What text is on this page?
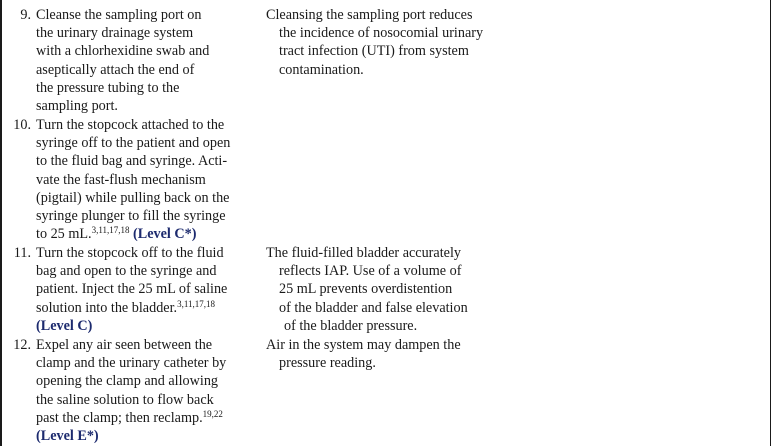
9. Cleanse the sampling port on
the urinary drainage system
with a chlorhexidine swab and
aseptically attach the end of
the pressure tubing to the
sampling port.
Cleansing the sampling port reduces
the incidence of nosocomial urinary
tract infection (UTI) from system
contamination.
10. Turn the stopcock attached to the
syringe off to the patient and open
to the fluid bag and syringe. Acti-
vate the fast-flush mechanism
(pigtail) while pulling back on the
syringe plunger to fill the syringe
to 25 mL.$^{3,11,17,18}$ (Level C*)
11. Turn the stopcock off to the fluid
bag and open to the syringe and
patient. Inject the 25 mL of saline
solution into the bladder.$^{3,11,17,18}$
(Level C)
The fluid-filled bladder accurately
reflects IAP. Use of a volume of
25 mL prevents overdistention
of the bladder and false elevation
of the bladder pressure.
12. Expel any air seen between the
clamp and the urinary catheter by
opening the clamp and allowing
the saline solution to flow back
past the clamp; then reclamp.$^{19,22}$
(Level E*)
Air in the system may dampen the
pressure reading.
